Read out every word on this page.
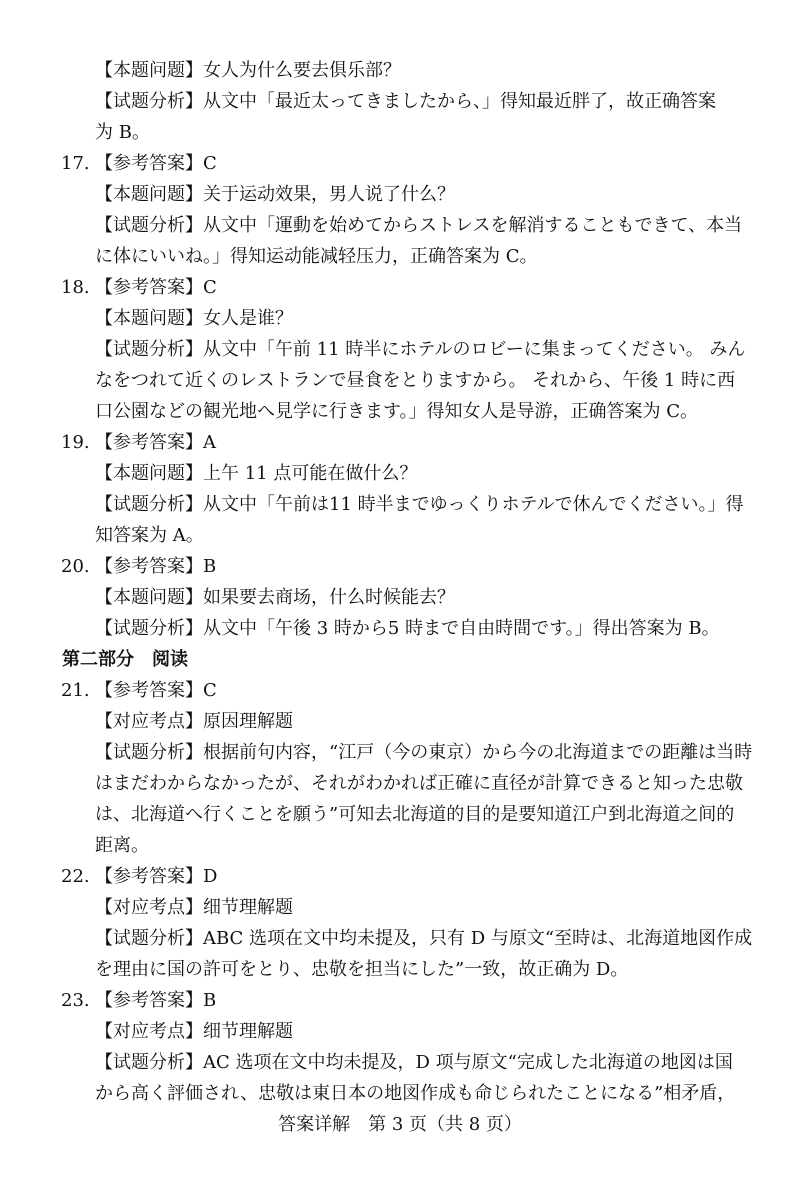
【本题问题】女人为什么要去俱乐部？
【试题分析】从文中「最近太ってきましたから、」得知最近胖了，故正确答案
为 B。
17. 【参考答案】C
【本题问题】关于运动效果，男人说了什么？
【试题分析】从文中「運動を始めてからストレスを解消することもできて、本当
に体にいいね。」得知运动能减轻压力，正确答案为 C。
18. 【参考答案】C
【本题问题】女人是谁？
【试题分析】从文中「午前 11 時半にホテルのロビーに集まってください。 みん
なをつれて近くのレストランで昼食をとりますから。 それから、午後 1 時に西
口公園などの観光地へ見学に行きます。」得知女人是导游，正确答案为 C。
19. 【参考答案】A
【本题问题】上午 11 点可能在做什么？
【试题分析】从文中「午前は11 時半までゆっくりホテルで休んでください。」得
知答案为 A。
20. 【参考答案】B
【本题问题】如果要去商场，什么时候能去？
【试题分析】从文中「午後 3 時から5 時まで自由時間です。」得出答案为 B。
第二部分　阅读
21. 【参考答案】C
【对应考点】原因理解题
【试题分析】根据前句内容，“江戸（今の東京）から今の北海道までの距離は当時
はまだわからなかったが、それがわかれば正確に直径が計算できると知った忠敬
は、北海道へ行くことを願う”可知去北海道的目的是要知道江户到北海道之间的
距离。
22. 【参考答案】D
【对应考点】细节理解题
【试题分析】ABC 选项在文中均未提及，只有 D 与原文“至時は、北海道地図作成
を理由に国の許可をとり、忠敬を担当にした”一致，故正确为 D。
23. 【参考答案】B
【对应考点】细节理解题
【试题分析】AC 选项在文中均未提及，D 项与原文“完成した北海道の地図は国
から高く評価され、忠敬は東日本の地図作成も命じられたことになる”相矛盾，
答案详解　第 3 页（共 8 页）
